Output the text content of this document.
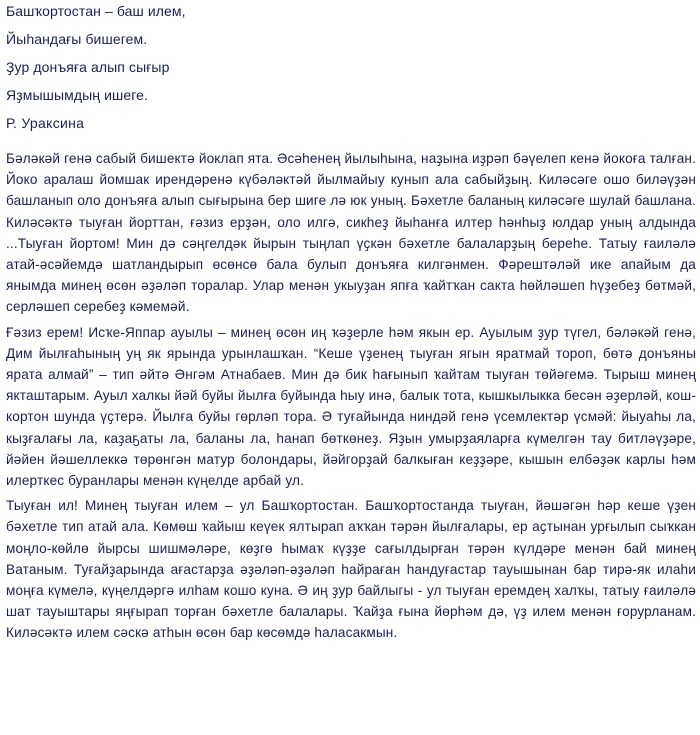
Башҡортостан – баш илем,
Йыһандағы бишегем.
Ҙур донъяға алып сығыр
Яҙмышымдың ишеге.
Р. Ураксина

Бәләкәй генә сабый бишектә йоклап ята. Әсәһенең йылыһына, наҙына иҙрәп бәүелеп кенә йокоға талған. Йоко аралаш йомшак ирендәренә күбәләктәй йылмайыу кунып ала сабыйҙың. Киләсәге ошо биләүҙән башланып оло донъяға алып сығырына бер шиге лә юк уның. Бәхетле баланың киләсәге шулай башлана. Киләсәктә тыуған йорттан, ғәзиз ерҙән, оло илгә, сикһеҙ йыһанға илтер һәнһыҙ юлдар уның алдында ...Тыуған йортом! Мин дә сәңгелдәк йырын тыңлап үҫкән бәхетле балаларҙың береһе. Татыу ғаиләлә атай-әсәйемдә шатландырып өсөнсө бала булып донъяға килгәнмен. Фәрештәләй ике апайым да янымда минең өсөн әҙәләп торалар. Улар менән укыуҙан япға ҡайтҡан сакта һөйләшеп һүҙебеҙ бөтмәй, серләшеп серебеҙ кәмемәй.

Ғәзиз ерем! Исҡе-Яппар ауылы – минең өсөн иң ҡәҙерле һәм якын ер. Ауылым ҙур түгел, бәләкәй генә, Дим йылғаһының уң як ярында урынлашҡан. “Кеше үҙенең тыуған ягын яратмай тороп, бөтә донъяны ярата алмай” – тип әйтә Әнгәм Атнабаев. Мин дә бик һағынып ҡайтам тыуған төйәгемә. Тырыш минең якташтарым. Ауыл халкы йәй буйы йылға буйында һыу инә, балык тота, кышкылыкка бесән әҙерләй, кош-кортон шунда үҫтерә. Йылға буйы гөрләп тора. Ә туғайында ниндәй генә үсемлектәр үсмәй: йыуаһы ла, кыҙғалағы ла, каҙаҕаты ла, баланы ла, һанап бөткөнеҙ. Яҙын умырҙаяларға күмелгән тау битләүҙәре, йәйен йәшеллеккә төрөнгән матур болондары, йәйгорҙай балкыған кеҙҙәре, кышын елбәҙәк карлы һәм илерткес буранлары менән күңелде арбай ул.

Тыуған ил! Минең тыуған илем – ул Башҡортостан. Башҡортостанда тыуған, йәшәгән һәр кеше үҙен бәхетле тип атай ала. Көмөш ҡайыш кеүек ялтырап аҡҡан тәрән йылғалары, ер аҫтынан урғылып сыҡкан моңло-көйлө йырсы шишмәләре, көҙгө һымаҡ күҙҙе сағылдырған тәрән күлдәре менән бай минең Ватаным. Туғайҙарында ағастарҙа әҙәләп-әҙәләп һайраған һандуғастар тауышынан бар тирә-як илаһи моңға күмелә, күңелдәргә илһам кошо куна. Ә иң ҙур байлыгы - ул тыуған еремдең халҡы, татыу ғаиләлә шат тауыштары яңғырап торған бәхетле балалары. Ҡайҙа ғына йөрһәм дә, үҙ илем менән ғорурланам. Киләсәктә илем сәскә атһын өсөн бар көсөмдә һаласакмын.
